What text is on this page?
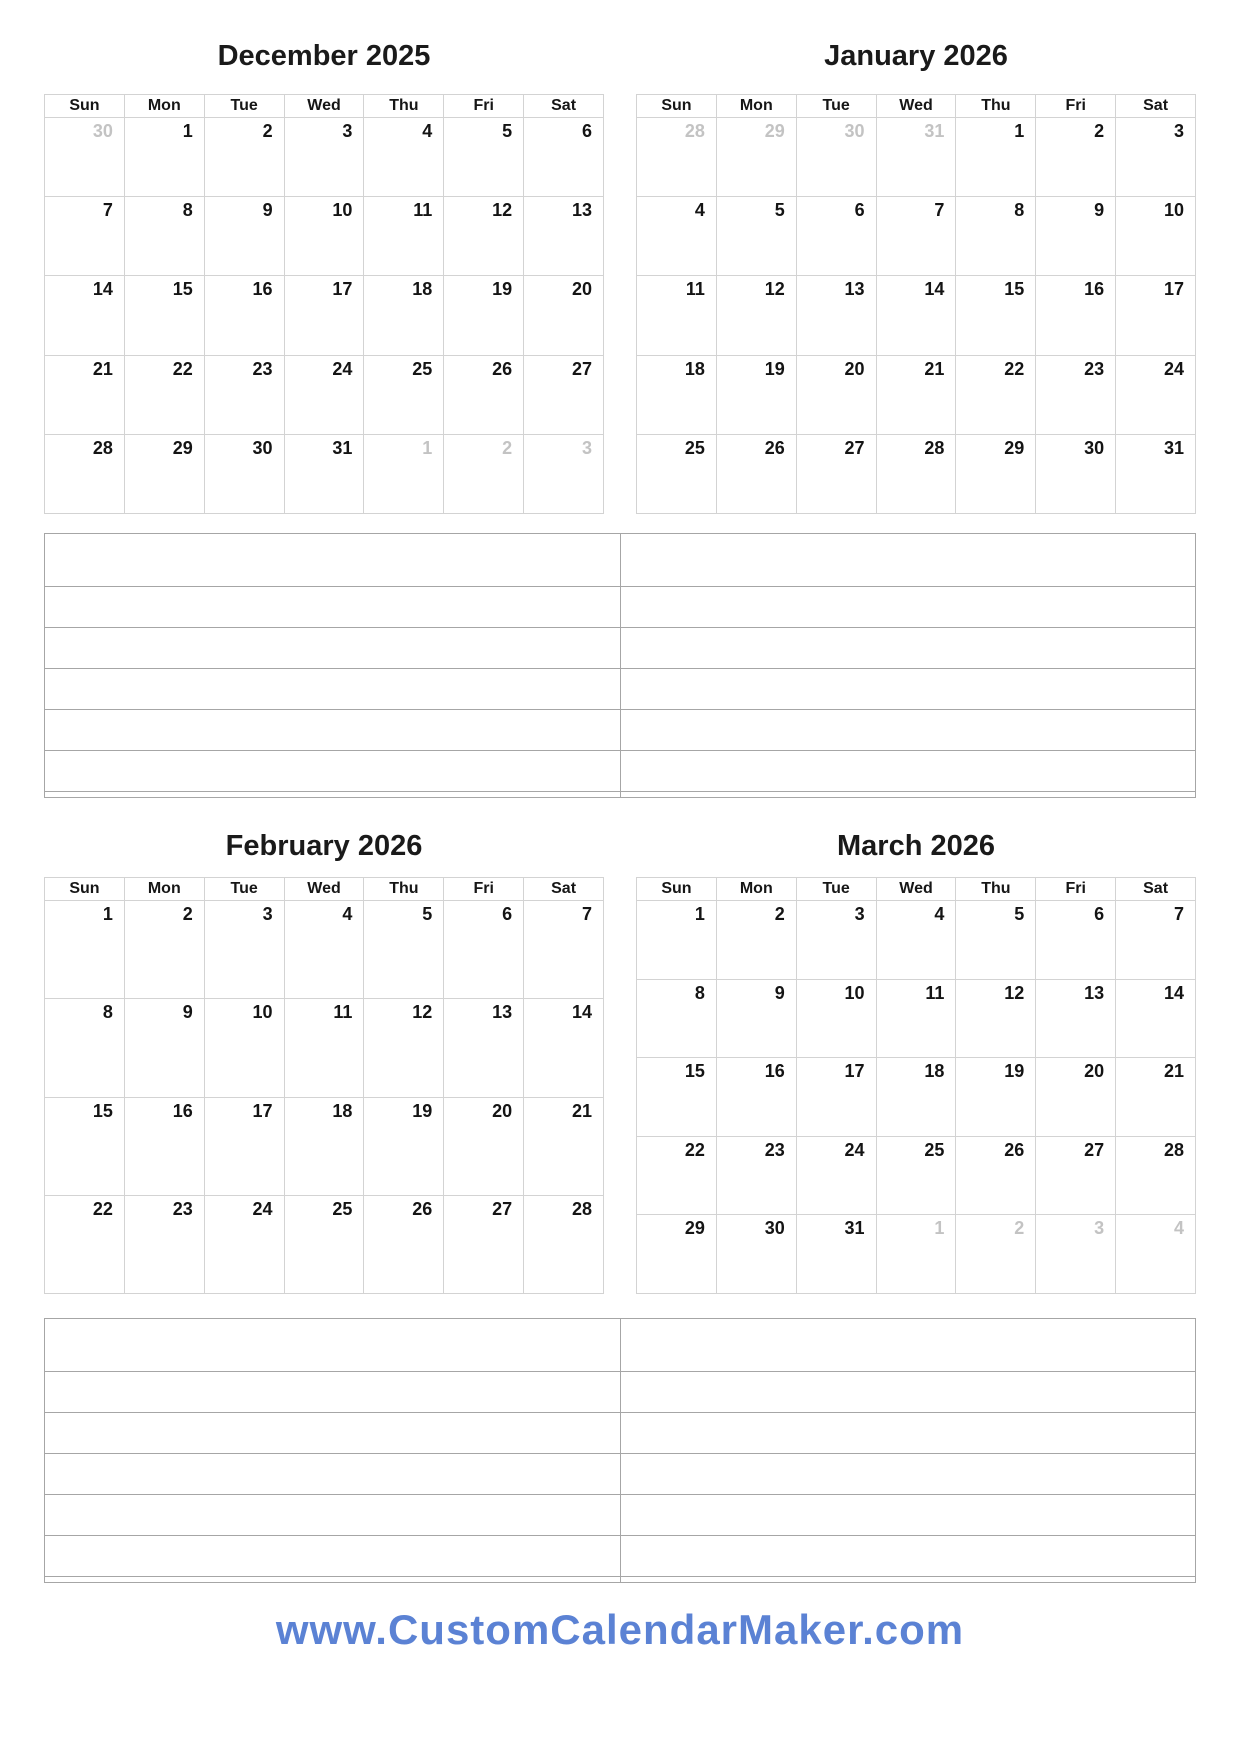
December 2025
Sun	Mon	Tue	Wed	Thu	Fri	Sat
30	1	2	3	4	5	6
7	8	9	10	11	12	13
14	15	16	17	18	19	20
21	22	23	24	25	26	27
28	29	30	31	1	2	3
January 2026
Sun	Mon	Tue	Wed	Thu	Fri	Sat
28	29	30	31	1	2	3
4	5	6	7	8	9	10
11	12	13	14	15	16	17
18	19	20	21	22	23	24
25	26	27	28	29	30	31
February 2026
Sun	Mon	Tue	Wed	Thu	Fri	Sat
1	2	3	4	5	6	7
8	9	10	11	12	13	14
15	16	17	18	19	20	21
22	23	24	25	26	27	28
March 2026
Sun	Mon	Tue	Wed	Thu	Fri	Sat
1	2	3	4	5	6	7
8	9	10	11	12	13	14
15	16	17	18	19	20	21
22	23	24	25	26	27	28
29	30	31	1	2	3	4
www.CustomCalendarMaker.com
